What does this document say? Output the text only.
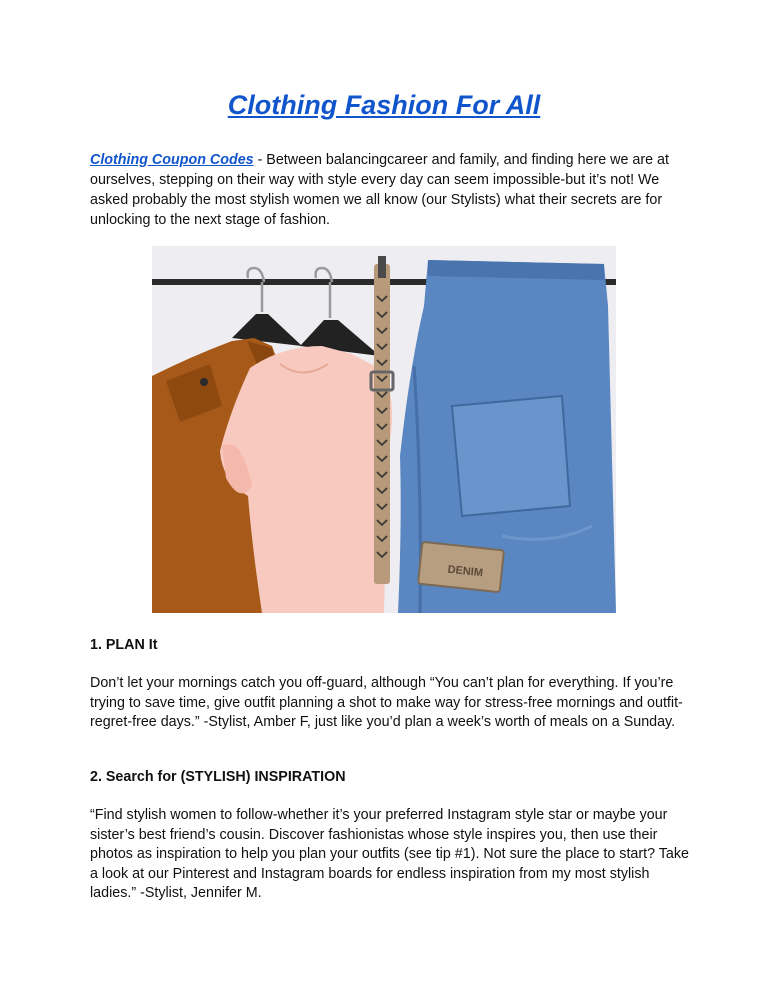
Clothing Fashion For All

Clothing Coupon Codes - Between balancingcareer and family, and finding here we are at ourselves, stepping on their way with style every day can seem impossible-but it’s not! We asked probably the most stylish women we all know (our Stylists) what their secrets are for unlocking to the next stage of fashion.

DENIM
1. PLAN It

Don’t let your mornings catch you off-guard, although “You can’t plan for everything. If you’re trying to save time, give outfit planning a shot to make way for stress-free mornings and outfit-regret-free days.” -Stylist, Amber F, just like you’d plan a week’s worth of meals on a Sunday.

2. Search for (STYLISH) INSPIRATION

“Find stylish women to follow-whether it’s your preferred Instagram style star or maybe your sister’s best friend’s cousin. Discover fashionistas whose style inspires you, then use their photos as inspiration to help you plan your outfits (see tip #1). Not sure the place to start? Take a look at our Pinterest and Instagram boards for endless inspiration from my most stylish ladies.” -Stylist, Jennifer M.
